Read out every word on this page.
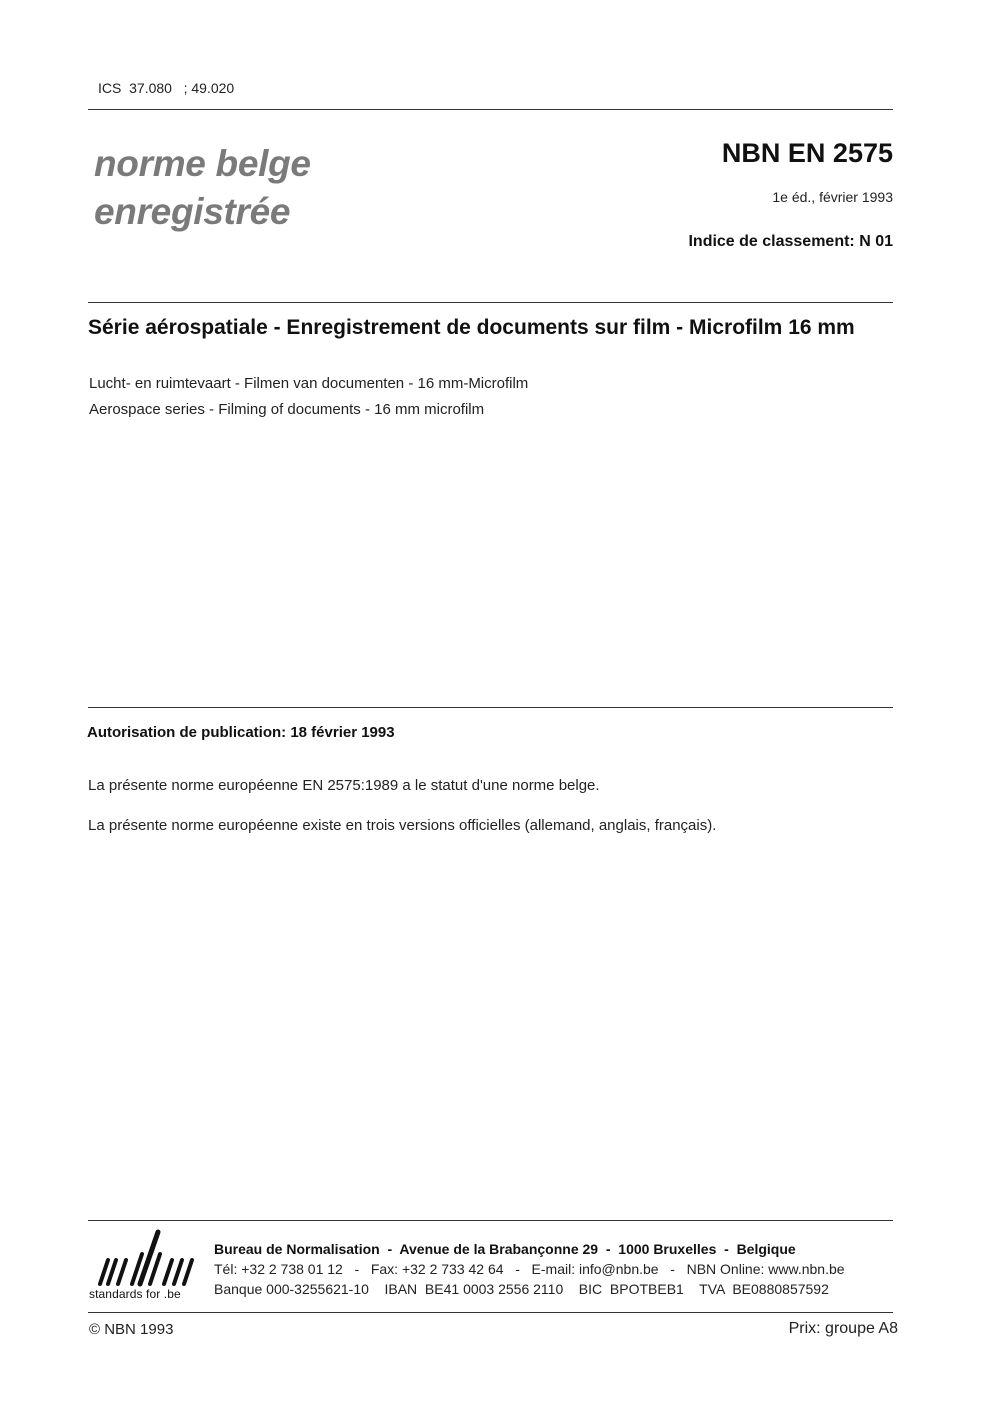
ICS  37.080   ; 49.020
norme belge
enregistrée
NBN EN 2575
1e éd., février 1993
Indice de classement: N 01
Série aérospatiale - Enregistrement de documents sur film - Microfilm 16 mm
Lucht- en ruimtevaart - Filmen van documenten - 16 mm-Microfilm
Aerospace series - Filming of documents - 16 mm microfilm
Autorisation de publication: 18 février 1993
La présente norme européenne EN 2575:1989 a le statut d'une norme belge.
La présente norme européenne existe en trois versions officielles (allemand, anglais, français).
standards for .be
Bureau de Normalisation  -  Avenue de la Brabançonne 29  -  1000 Bruxelles  -  Belgique
Tél: +32 2 738 01 12   -   Fax: +32 2 733 42 64   -   E-mail: info@nbn.be   -   NBN Online: www.nbn.be
Banque 000-3255621-10    IBAN  BE41 0003 2556 2110    BIC  BPOTBEB1    TVA  BE0880857592
© NBN 1993	Prix: groupe A8
